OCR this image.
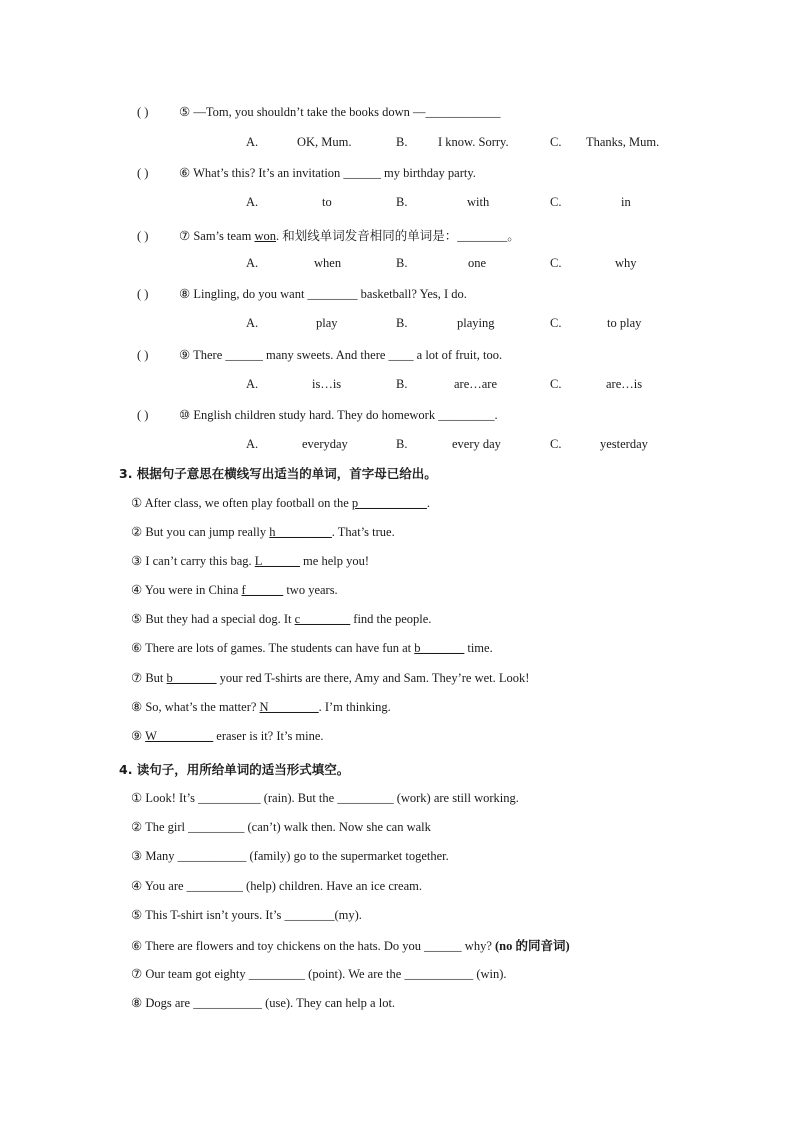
( ) ⑤ —Tom, you shouldn’t take the books down —____________
A.	OK, Mum.	B. I know. Sorry.	C. Thanks, Mum.
( ) ⑥ What’s this? It’s an invitation ______ my birthday party.
A.	to	B.	with	C.	in
( ) ⑦ Sam’s team won. 和划线单词发音相同的单词是：________。
A.	when	B.	one	C.	why
( ) ⑧ Lingling, do you want ________ basketball? Yes, I do.
A.	play	B.	playing	C.	to play
( ) ⑨ There ______ many sweets. And there ____ a lot of fruit, too.
A.	is…is	B.	are…are	C.	are…is
( ) ⑩ English children study hard. They do homework _________.
A.	everyday	B.	every day	C.	yesterday
3. 根据句子意思在横线写出适当的单词，首字母已给出。
① After class, we often play football on the p___________.
② But you can jump really h_________. That’s true.
③ I can’t carry this bag. L______ me help you!
④ You were in China f______ two years.
⑤ But they had a special dog. It c________ find the people.
⑥ There are lots of games. The students can have fun at b_______ time.
⑦ But b_______ your red T-shirts are there, Amy and Sam. They’re wet. Look!
⑧ So, what’s the matter? N________. I’m thinking.
⑨ W_________ eraser is it? It’s mine.
4. 读句子，用所给单词的适当形式填空。
① Look! It’s __________ (rain). But the _________ (work) are still working.
② The girl _________ (can’t) walk then. Now she can walk
③ Many ___________ (family) go to the supermarket together.
④ You are _________ (help) children. Have an ice cream.
⑤ This T-shirt isn’t yours. It’s ________(my).
⑥ There are flowers and toy chickens on the hats. Do you ______ why? (no 的同音词)
⑦ Our team got eighty _________ (point). We are the ___________ (win).
⑧ Dogs are ___________ (use). They can help a lot.
